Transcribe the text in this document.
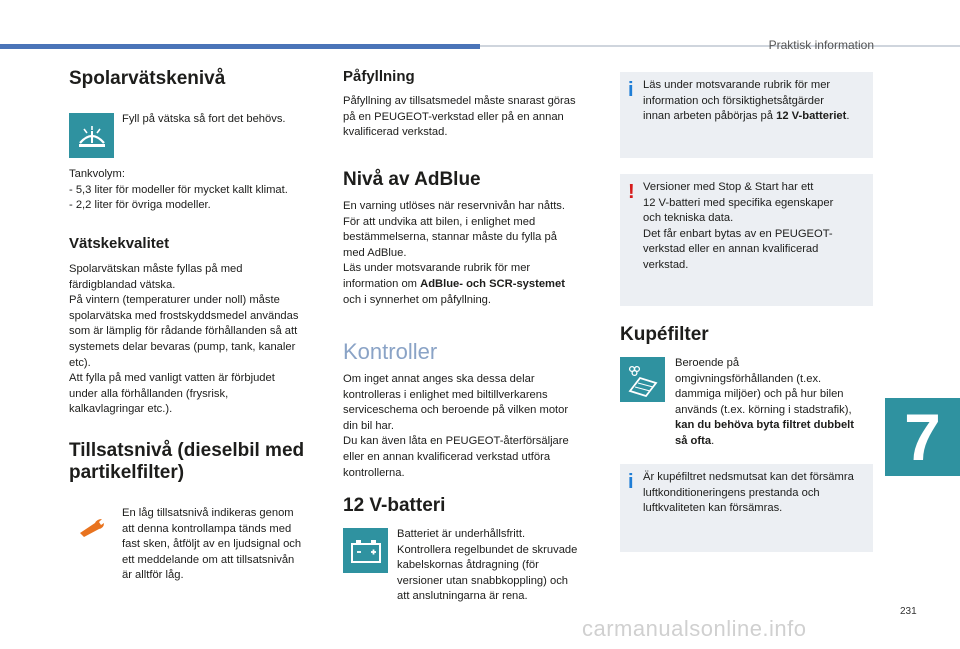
Praktisk information
Spolarvätskenivå
Fyll på vätska så fort det behövs.
Tankvolym:
- 5,3 liter för modeller för mycket kallt klimat.
- 2,2 liter för övriga modeller.
Vätskekvalitet
Spolarvätskan måste fyllas på med
färdigblandad vätska.
På vintern (temperaturer under noll) måste
spolarvätska med frostskyddsmedel användas
som är lämplig för rådande förhållanden så att
systemets delar bevaras (pump, tank, kanaler
etc).
Att fylla på med vanligt vatten är förbjudet
under alla förhållanden (frysrisk,
kalkavlagringar etc.).
Tillsatsnivå (dieselbil med
partikelfilter)
En låg tillsatsnivå indikeras genom
att denna kontrollampa tänds med
fast sken, åtföljt av en ljudsignal och
ett meddelande om att tillsatsnivån
är alltför låg.
Påfyllning
Påfyllning av tillsatsmedel måste snarast göras
på en PEUGEOT-verkstad eller på en annan
kvalificerad verkstad.
Nivå av AdBlue
En varning utlöses när reservnivån har nåtts.
För att undvika att bilen, i enlighet med
bestämmelserna, stannar måste du fylla på
med AdBlue.
Läs under motsvarande rubrik för mer
information om AdBlue- och SCR-systemet
och i synnerhet om påfyllning.
Kontroller
Om inget annat anges ska dessa delar
kontrolleras i enlighet med biltillverkarens
serviceschema och beroende på vilken motor
din bil har.
Du kan även låta en PEUGEOT-återförsäljare
eller en annan kvalificerad verkstad utföra
kontrollerna.
12 V-batteri
Batteriet är underhållsfritt.
Kontrollera regelbundet de skruvade
kabelskornas åtdragning (för
versioner utan snabbkoppling) och
att anslutningarna är rena.
i Läs under motsvarande rubrik för mer
information och försiktighetsåtgärder
innan arbeten påbörjas på 12 V-batteriet.
! Versioner med Stop & Start har ett
12 V-batteri med specifika egenskaper
och tekniska data.
Det får enbart bytas av en PEUGEOT-
verkstad eller en annan kvalificerad
verkstad.
Kupéfilter
Beroende på
omgivningsförhållanden (t.ex.
dammiga miljöer) och på hur bilen
används (t.ex. körning i stadstrafik),
kan du behöva byta filtret dubbelt
så ofta.
i Är kupéfiltret nedsmutsat kan det försämra
luftkonditioneringens prestanda och
luftkvaliteten kan försämras.
7
231
carmanualsonline.info
